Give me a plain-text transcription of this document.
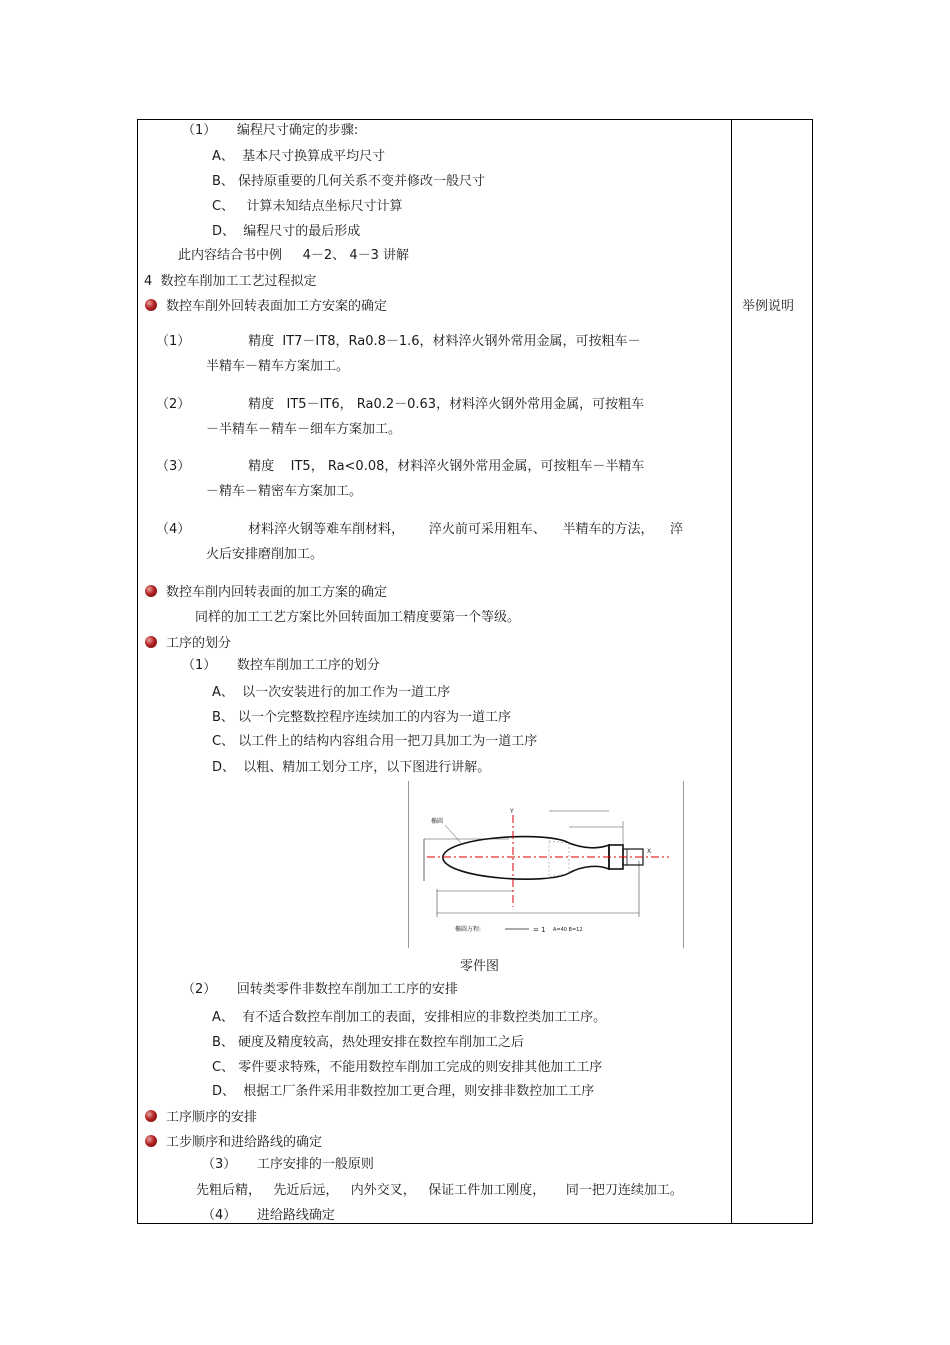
（1）     编程尺寸确定的步骤:
A、  基本尺寸换算成平均尺寸
B、 保持原重要的几何关系不变并修改一般尺寸
C、   计算未知结点坐标尺寸计算
D、  编程尺寸的最后形成
此内容结合书中例     4－2、 4－3 讲解
4  数控车削加工工艺过程拟定
数控车削外回转表面加工方安案的确定
（1）              精度  IT7－IT8，Ra0.8－1.6，材料淬火钢外常用金属，可按粗车－
半精车－精车方案加工。
（2）              精度   IT5－IT6， Ra0.2－0.63，材料淬火钢外常用金属，可按粗车
－半精车－精车－细车方案加工。
（3）              精度    IT5， Ra<0.08，材料淬火钢外常用金属，可按粗车－半精车
－精车－精密车方案加工。
（4）              材料淬火钢等难车削材料，      淬火前可采用粗车、    半精车的方法，    淬
火后安排磨削加工。
数控车削内回转表面的加工方案的确定
同样的加工工艺方案比外回转面加工精度要第一个等级。
工序的划分
（1）     数控车削加工工序的划分
A、  以一次安装进行的加工作为一道工序
B、 以一个完整数控程序连续加工的内容为一道工序
C、 以工件上的结构内容组合用一把刀具加工为一道工序
D、  以粗、精加工划分工序，以下图进行讲解。
椭圆
Y
X
椭圆方程:	= 1 A=40 B=12
零件图
（2）     回转类零件非数控车削加工工序的安排
A、  有不适合数控车削加工的表面，安排相应的非数控类加工工序。
B、 硬度及精度较高，热处理安排在数控车削加工之后
C、 零件要求特殊，不能用数控车削加工完成的则安排其他加工工序
D、  根据工厂条件采用非数控加工更合理，则安排非数控加工工序
工序顺序的安排
工步顺序和进给路线的确定
（3）     工序安排的一般原则
先粗后精，   先近后远，   内外交叉，   保证工件加工刚度，     同一把刀连续加工。
（4）     进给路线确定
举例说明
